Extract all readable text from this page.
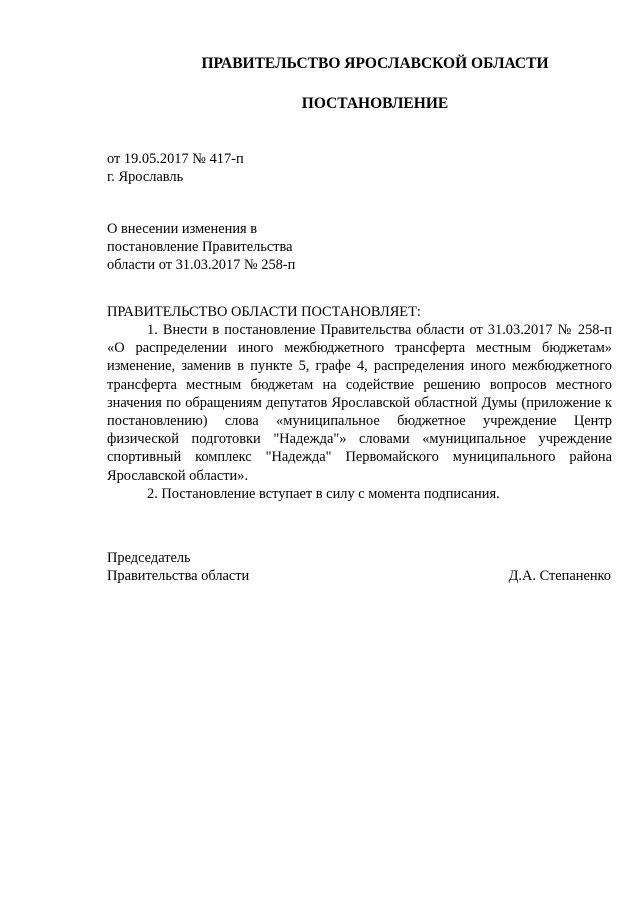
ПРАВИТЕЛЬСТВО ЯРОСЛАВСКОЙ ОБЛАСТИ
ПОСТАНОВЛЕНИЕ
от 19.05.2017 № 417-п
г. Ярославль
О внесении изменения в
постановление Правительства
области от 31.03.2017 № 258-п
ПРАВИТЕЛЬСТВО ОБЛАСТИ ПОСТАНОВЛЯЕТ:

1. Внести в постановление Правительства области от 31.03.2017 № 258-п «О распределении иного межбюджетного трансферта местным бюджетам» изменение, заменив в пункте 5, графе 4, распределения иного межбюджетного трансферта местным бюджетам на содействие решению вопросов местного значения по обращениям депутатов Ярославской областной Думы (приложение к постановлению) слова «муниципальное бюджетное учреждение Центр физической подготовки "Надежда"» словами «муниципальное учреждение спортивный комплекс "Надежда" Первомайского муниципального района Ярославской области».

2. Постановление вступает в силу с момента подписания.

Председатель
Правительства области	Д.А. Степаненко
